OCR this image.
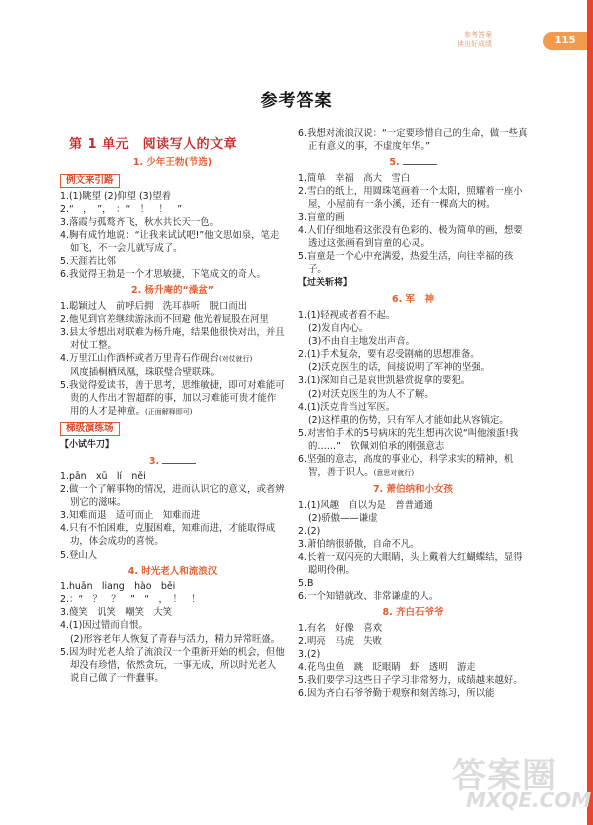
参考答案
读出好成绩	115
参考答案
第 1 单元　阅读写人的文章
1. 少年王勃(节选)
例文来引路
1.(1)眺望 (2)仰望 (3)望着
2.“　，　”，　：“　！　！　”
3.落霞与孤鹜齐飞，秋水共长天一色。
4.胸有成竹地说：“让我来试试吧!”他文思如泉，笔走如飞，不一会儿就写成了。
5.天涯若比邻
6.我觉得王勃是一个才思敏捷，下笔成文的奇人。
2. 杨升庵的“澡盆”
1.聪颖过人　前呼后拥　洗耳恭听　脱口而出
2.他见到官差继续游泳而不回避 他光着屁股在河里
3.县太爷想出对联难为杨升庵，结果他很快对出，并且对仗工整。
4.万里江山作酒杯或者万里青石作砚台(对仗就行)
风度插桐栖凤凰，珠联璧合壁联珠。
5.我觉得爱读书，善于思考，思维敏捷，即可对难能可贵的人作出才智超群的事，加以习难能可贵才能作用的人才是神童。(正面解释即可)
梯级演练场
【小试牛刀】
3.
1.pān　xū　lí　něi
2.做一个了解事物的情况，进而认识它的意义，或者辨别它的滋味。
3.知难而退　适可而止　知难而进
4.只有不怕困难，克服困难，知难而进，才能取得成功，体会成功的喜悦。
5.登山人
4. 时光老人和流浪汉
1.huān　liang　hào　běi
2.：“　？　？　”　“　，　！　！
3.傻笑　讥笑　嘲笑　大笑
4.(1)因过错而自恨。
(2)形容老年人恢复了青春与活力，精力异常旺盛。
5.因为时光老人给了流浪汉一个重新开始的机会，但他却没有珍惜，依然贪玩，一事无成，所以时光老人说自己做了一件蠢事。
6.我想对流浪汉说：“一定要珍惜自己的生命，做一些真正有意义的事，不虚度年华。”
5.
1.简单　幸福　高大　雪白
2.雪白的纸上，用圆珠笔画着一个太阳，照耀着一座小屋，小屋前有一条小溪，还有一棵高大的树。
3.盲童的画
4.人们仔细地看这张没有色彩的、极为简单的画，想要透过这张画看到盲童的心灵。
5.盲童是一个心中充满爱，热爱生活，向往幸福的孩子。
【过关斩将】
6. 军　神
1.(1)轻视或者看不起。
(2)发自内心。
(3)不由自主地发出声音。
2.(1)手术复杂，要有忍受剧痛的思想准备。
(2)沃克医生的话，间接说明了军神的坚强。
3.(1)深知自己是哀世凯悬赏捉拿的要犯。
(2)对沃克医生的为人不了解。
4.(1)沃克肯当过军医。
(2)这样重的伤势，只有军人才能如此从容镇定。
5.对害怕手术的5号病床的先生想再次说“叫他滚蛋!我的……”　钦佩刘伯承的刚强意志
6.坚强的意志，高度的事业心，科学求实的精神，机智，善于识人。(意思对就行)
7. 萧伯纳和小女孩
1.(1)风趣　自以为是　普普通通
(2)骄傲——谦虚
2.(2)
3.萧伯纳很骄傲，自命不凡。
4.长着一双闪亮的大眼睛，头上戴着大红蝴蝶结，显得聪明伶俐。
5.B
6.一个知错就改、非常谦虚的人。
8. 齐白石爷爷
1.有名　好像　喜欢
2.明亮　马虎　失败
3.(2)
4.花鸟虫鱼　跳　眨眼睛　虾　透明　游走
5.我们要学习这些日子学习非常努力，成绩越来越好。
6.因为齐白石爷爷勤于观察和刻苦练习，所以能
答案圈
MXQE.COM
